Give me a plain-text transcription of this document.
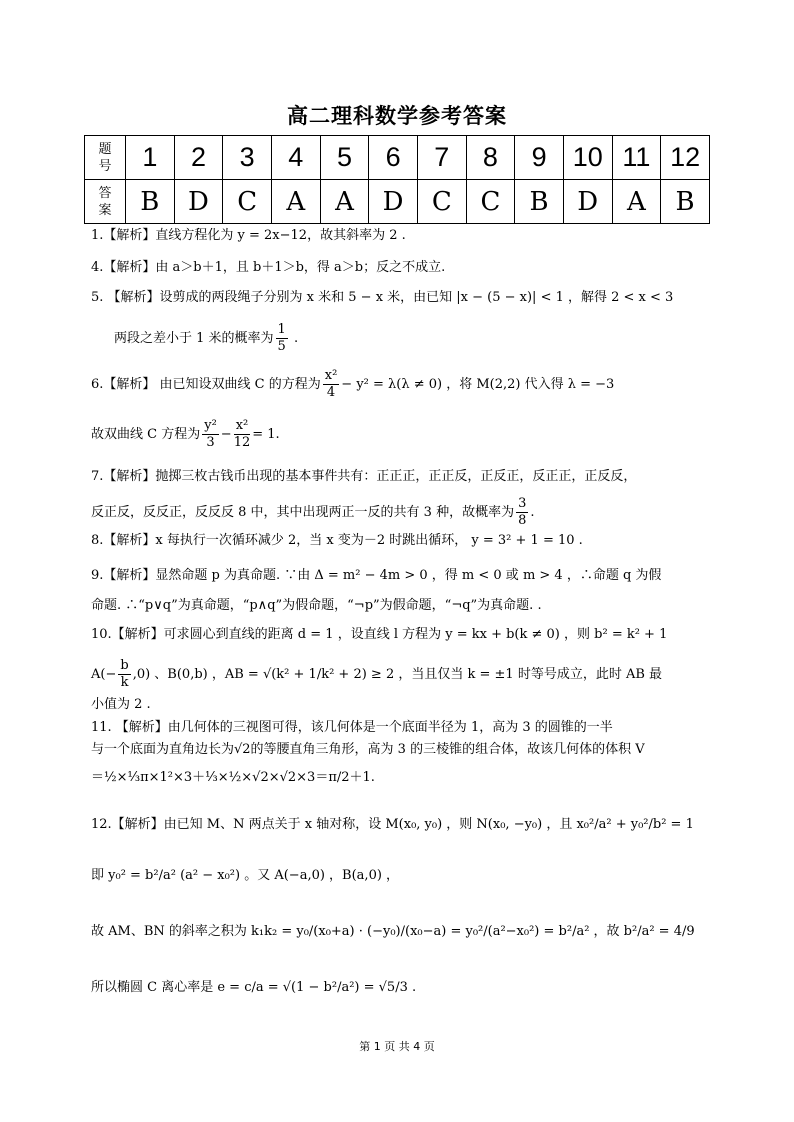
高二理科数学参考答案
题
号	1	2	3	4	5	6	7	8	9	10	11	12

答
案	B	D	C	A	A	D	C	C	B	D	A	B
1.【解析】直线方程化为 y = 2x−12，故其斜率为 2 .
4.【解析】由 a＞b＋1，且 b＋1＞b，得 a＞b；反之不成立.
5. 【解析】设剪成的两段绳子分别为 x 米和 5 − x 米，由已知 |x − (5 − x)| < 1 ，解得 2 < x < 3
两段之差小于 1 米的概率为 $\frac{1}{5}$ .
6.【解析】 由已知设双曲线 C 的方程为 $\frac{\text{x²}}{4} - y^2 = \lambda(\lambda \ne 0)$ ，将 M(2,2) 代入得 λ = −3
故双曲线 C 方程为 $\frac{\text{y²}}{3} - \frac{\text{x²}}{12} = 1$.
7.【解析】抛掷三枚古钱币出现的基本事件共有：正正正，正正反，正反正，反正正，正反反，
反正反，反反正，反反反 8 中，其中出现两正一反的共有 3 种，故概率为 $\frac{3}{8}$ .
8.【解析】x 每执行一次循环减少 2，当 x 变为－2 时跳出循环， y = 3² + 1 = 10 .
9.【解析】显然命题 p 为真命题. ∵由 Δ = m² − 4m > 0 ，得 m < 0 或 m > 4 ，∴命题 q 为假
命题. ∴“p∨q”为真命题，“p∧q”为假命题，“¬p”为假命题，“¬q”为真命题. .
10.【解析】可求圆心到直线的距离 d = 1 ，设直线 l 方程为 y = kx + b(k ≠ 0) ，则 b² = k² + 1
$A(- \frac{b}{k} ,0)$ 、B(0,b) ，AB = √(k² + 1/k² + 2) ≥ 2 ，当且仅当 k = ±1 时等号成立，此时 AB 最
小值为 2 .
11. 【解析】由几何体的三视图可得，该几何体是一个底面半径为 1，高为 3 的圆锥的一半
与一个底面为直角边长为√2的等腰直角三角形，高为 3 的三棱锥的组合体，故该几何体的体积 V
＝½×⅓π×1²×3＋⅓×½×√2×√2×3＝π/2＋1.
12.【解析】由已知 M、N 两点关于 x 轴对称，设 M(x₀, y₀) ，则 N(x₀, −y₀) ，且 x₀²/a² + y₀²/b² = 1
即 y₀² = b²/a² (a² − x₀²) 。又 A(−a,0) ，B(a,0) ，
故 AM、BN 的斜率之积为 k₁k₂ = y₀/(x₀+a) · (−y₀)/(x₀−a) = y₀²/(a²−x₀²) = b²/a² ，故 b²/a² = 4/9
所以椭圆 C 离心率是 e = c/a = √(1 − b²/a²) = √5/3 .
第 1 页 共 4 页
